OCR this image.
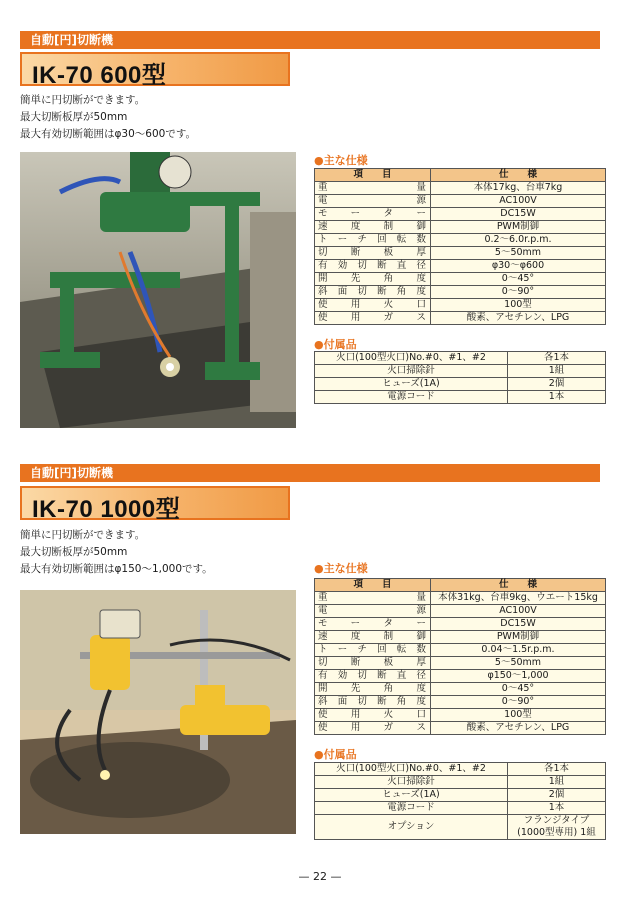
自動[円]切断機
IK-70 600型
簡単に円切断ができます。
最大切断板厚が50mm
最大有効切断範囲はφ30～600です。
●主な仕様
項　　目	仕　　様
重量	本体17kg、台車7kg
電源	AC100V
モーター	DC15W
速度制御	PWM制御
トーチ回転数	0.2～6.0r.p.m.
切断板厚	5～50mm
有効切断直径	φ30～φ600
開先角度	0～45°
斜面切断角度	0～90°
使用火口	100型
使用ガス	酸素、アセチレン、LPG
●付属品
火口(100型火口)No.#0、#1、#2	各1本
火口掃除針	1組
ヒューズ(1A)	2個
電源コード	1本
自動[円]切断機
IK-70 1000型
簡単に円切断ができます。
最大切断板厚が50mm
最大有効切断範囲はφ150～1,000です。	●主な仕様
項　　目	仕　　様
重量	本体31kg、台車9kg、ウエート15kg
電源	AC100V
モーター	DC15W
速度制御	PWM制御
トーチ回転数	0.04～1.5r.p.m.
切断板厚	5～50mm
有効切断直径	φ150～1,000
開先角度	0～45°
斜面切断角度	0～90°
使用火口	100型
使用ガス	酸素、アセチレン、LPG
●付属品
火口(100型火口)No.#0、#1、#2	各1本
火口掃除針	1組
ヒューズ(1A)	2個
電源コード	1本
オプション	フランジタイプ
(1000型専用) 1組
— 22 —
